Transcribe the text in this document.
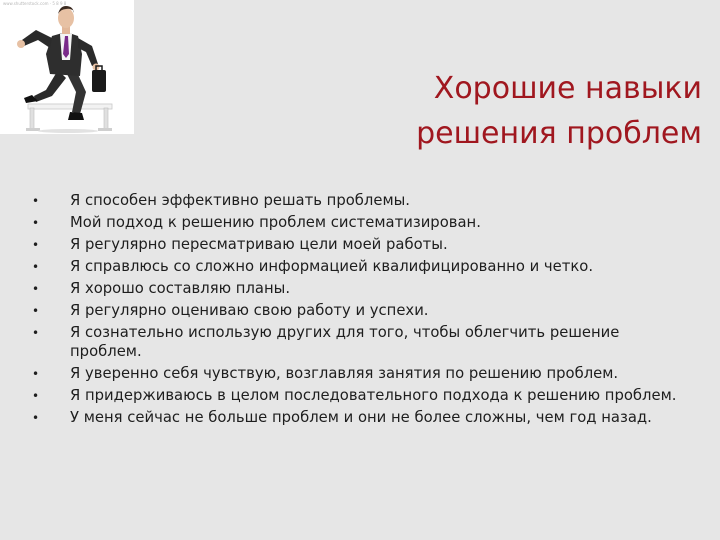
www.shutterstock.com · 5 8 9 8
Хорошие навыки
решения проблем
• Я способен эффективно решать проблемы.
• Мой подход к решению проблем систематизирован.
• Я регулярно пересматриваю цели моей работы.
• Я справлюсь со сложно информацией квалифицированно и четко.
• Я хорошо составляю планы.
• Я регулярно оцениваю свою работу и успехи.
• Я сознательно использую других для того, чтобы облегчить решение проблем.
• Я уверенно себя чувствую, возглавляя занятия по решению проблем.
• Я придерживаюсь в целом последовательного подхода к решению проблем.
• У меня сейчас не больше проблем и они не более сложны, чем год назад.
